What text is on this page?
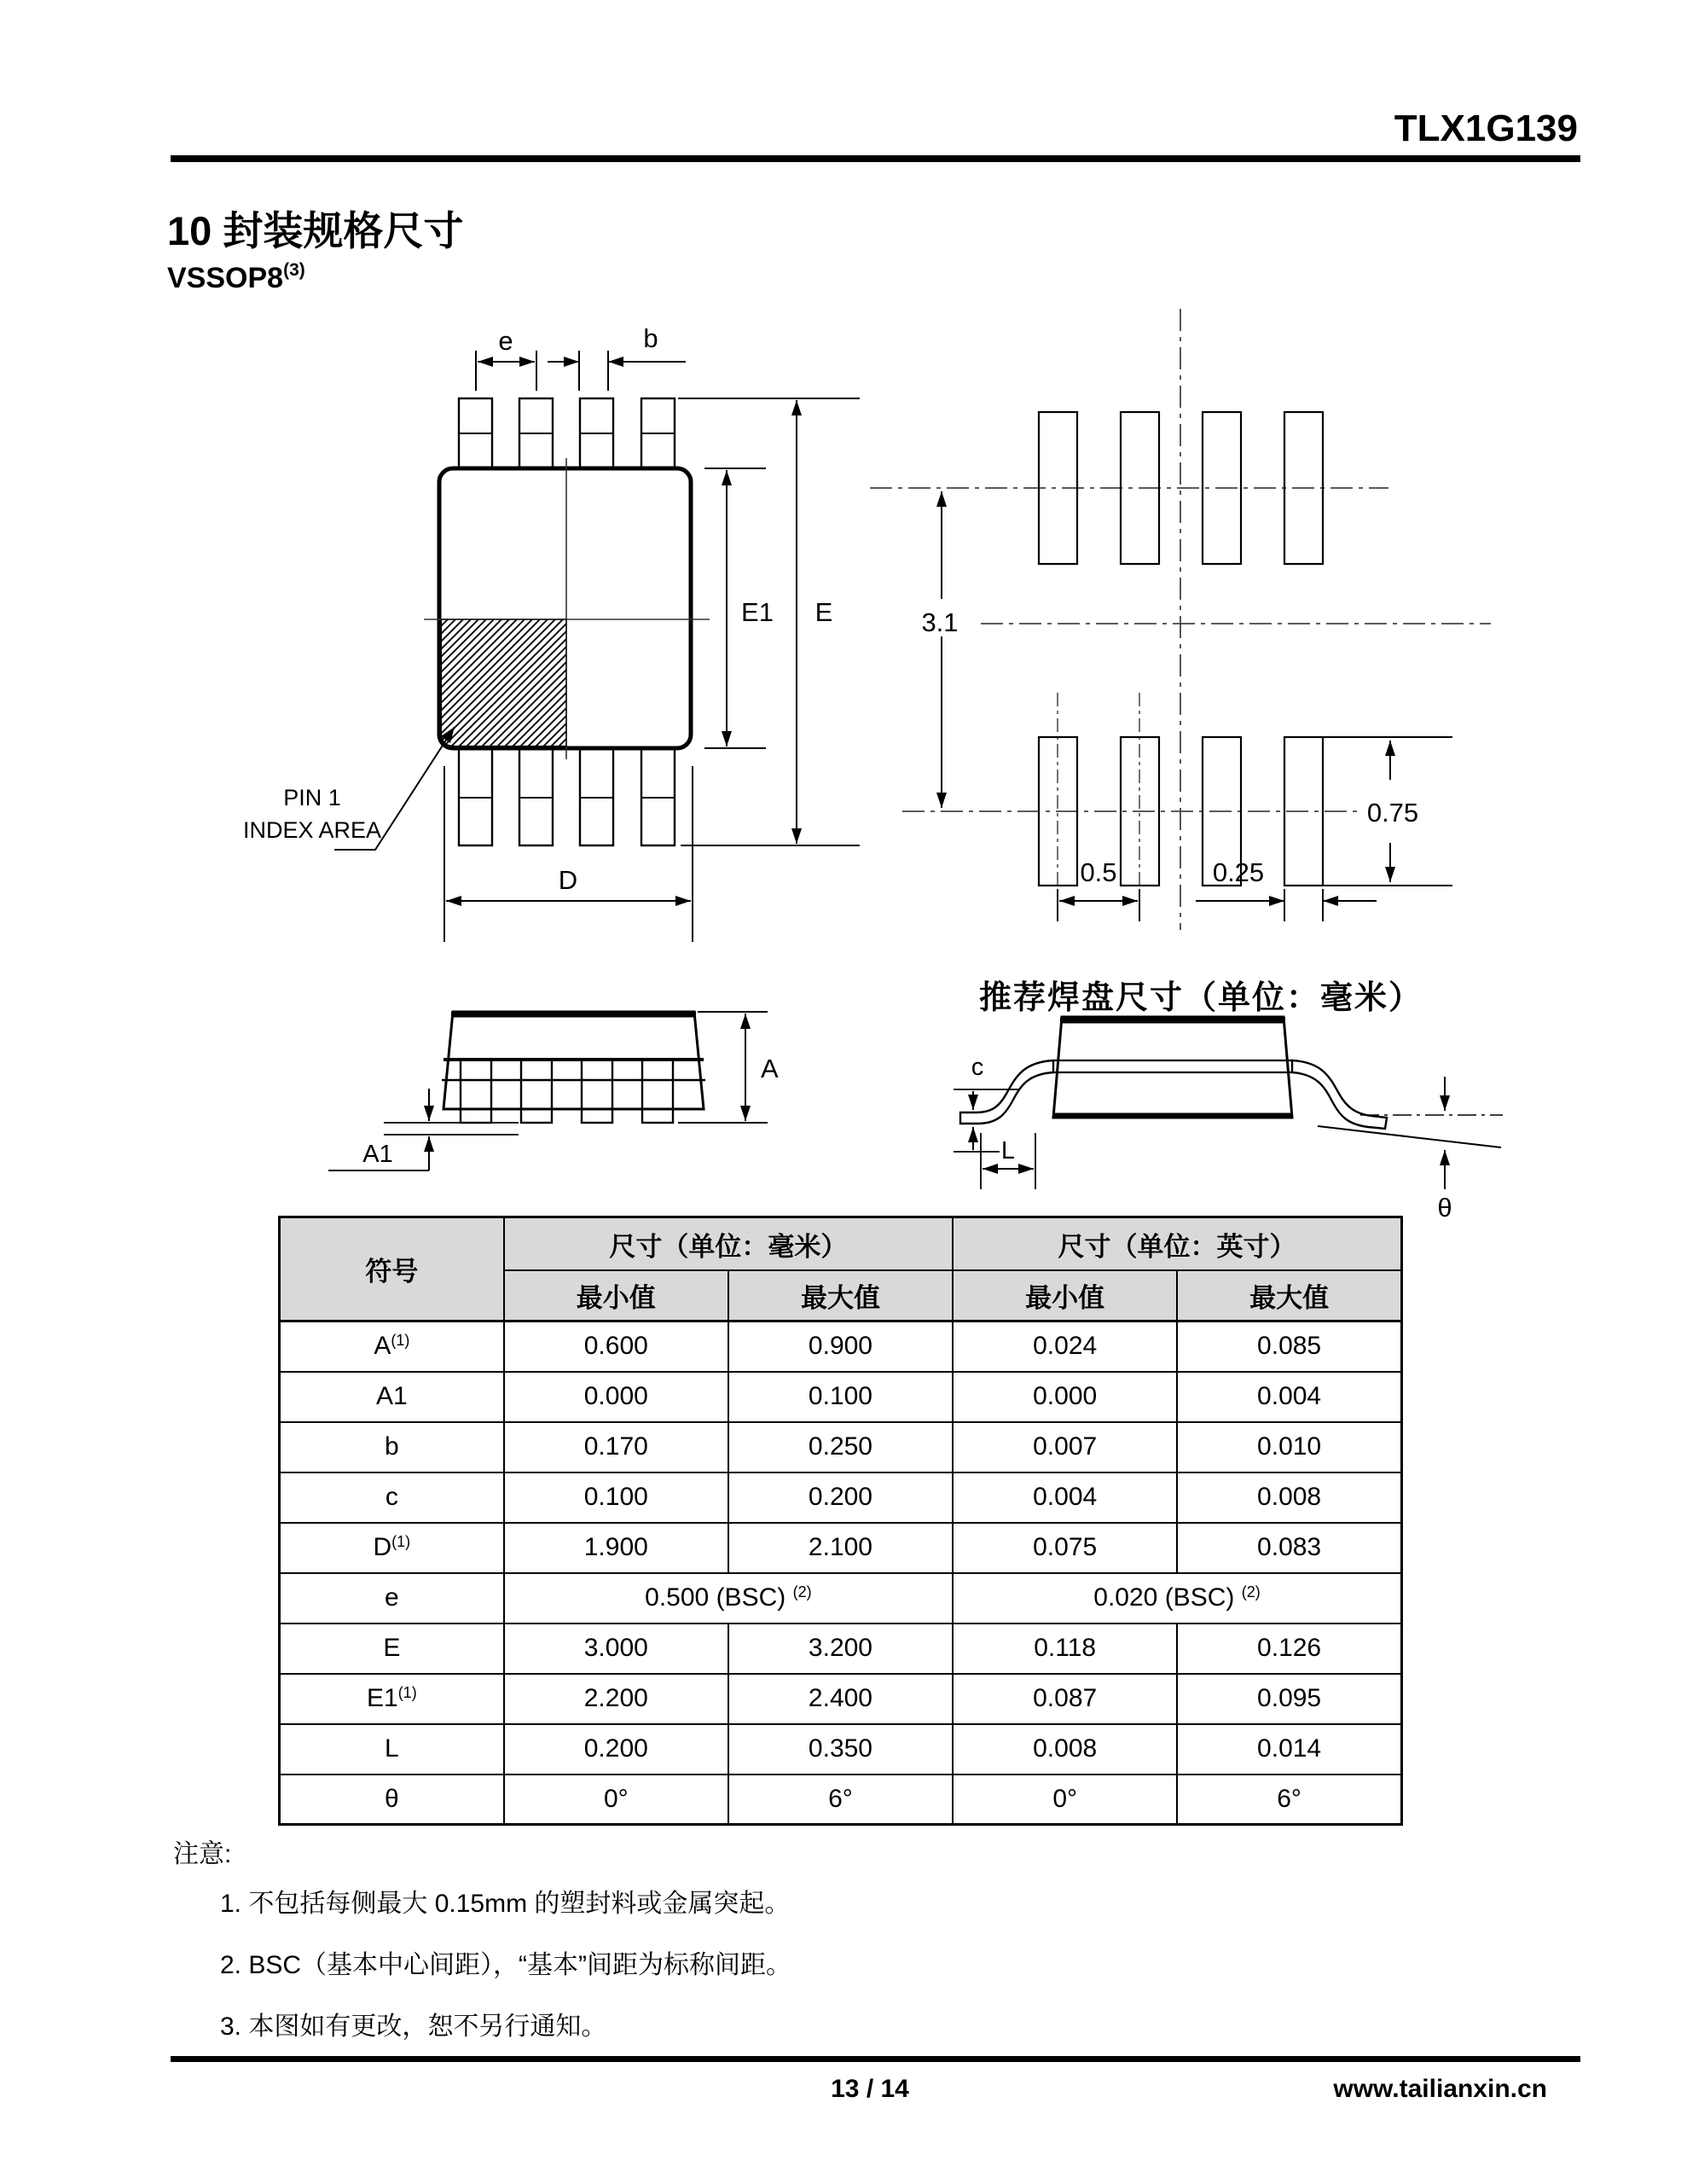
TLX1G139
10 封装规格尺寸
VSSOP8$^{(3)}$
e	b
E1 E
D
PIN 1
INDEX AREA
3.1
0.75
0.5	0.25
推荐焊盘尺寸（单位：毫米）
A
A1
c
L
θ
符号	尺寸（单位：毫米）		尺寸（单位：英寸）	
	最小值	最大值	最小值	最大值
$A^{(1)}$	0.600	0.900	0.024	0.085
A1	0.000	0.100	0.000	0.004
b	0.170	0.250	0.007	0.010
c	0.100	0.200	0.004	0.008
$D^{(1)}$	1.900	2.100	0.075	0.083
e	0.500 (BSC) $^{(2)}$		0.020 (BSC) $^{(2)}$
E	3.000	3.200	0.118	0.126
E1$^{(1)}$	2.200	2.400	0.087	0.095
L	0.200	0.350	0.008	0.014
θ	0°	6°	0°	6°
注意:
1. 不包括每侧最大 0.15mm 的塑封料或金属突起。
2. BSC（基本中心间距），“基本”间距为标称间距。
3. 本图如有更改，恕不另行通知。
13 / 14	www.tailianxin.cn
